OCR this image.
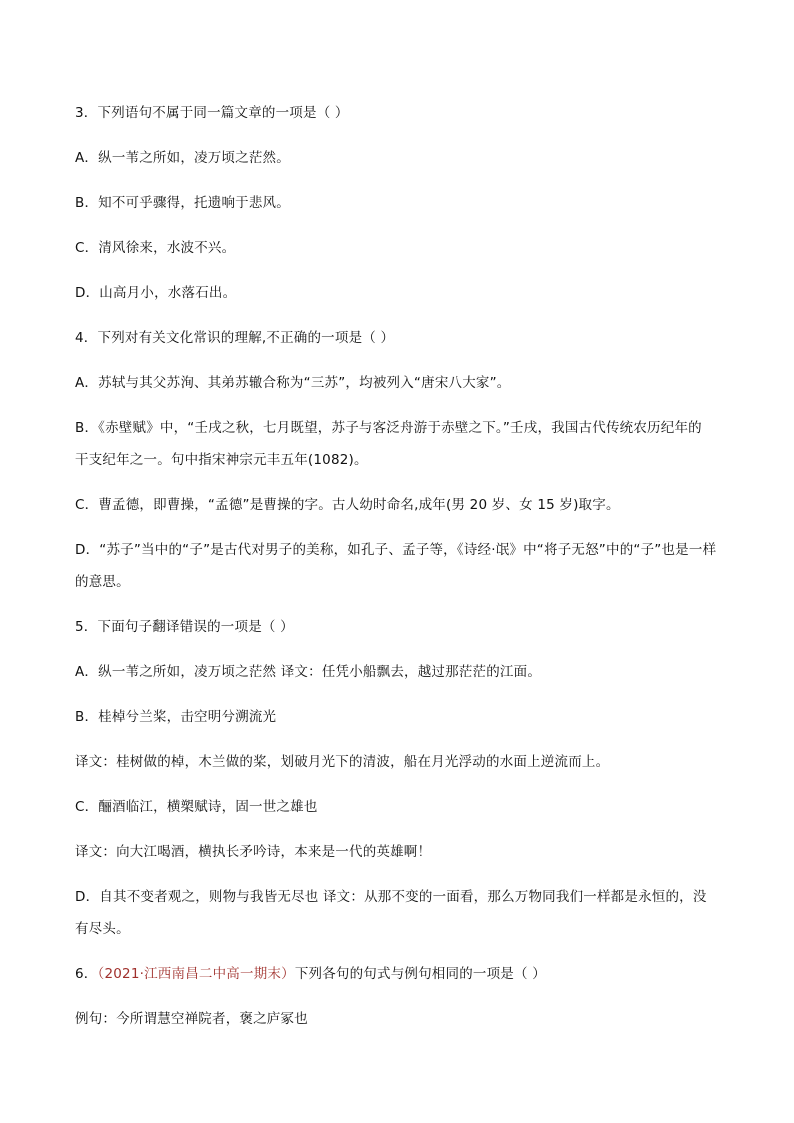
3．下列语句不属于同一篇文章的一项是（ ）
A．纵一苇之所如，凌万顷之茫然。
B．知不可乎骤得，托遗响于悲风。
C．清风徐来，水波不兴。
D．山高月小，水落石出。
4．下列对有关文化常识的理解,不正确的一项是（ ）
A．苏轼与其父苏洵、其弟苏辙合称为“三苏”，均被列入“唐宋八大家”。
B．《赤壁赋》中，“壬戌之秋，七月既望，苏子与客泛舟游于赤壁之下。”壬戌，我国古代传统农历纪年的
干支纪年之一。句中指宋神宗元丰五年(1082)。
C．曹孟德，即曹操，“孟德”是曹操的字。古人幼时命名,成年(男 20 岁、女 15 岁)取字。
D．“苏子”当中的“子”是古代对男子的美称，如孔子、孟子等，《诗经·氓》中“将子无怒”中的“子”也是一样
的意思。
5．下面句子翻译错误的一项是（ ）
A．纵一苇之所如，凌万顷之茫然 译文：任凭小船飘去，越过那茫茫的江面。
B．桂棹兮兰桨，击空明兮溯流光
译文：桂树做的棹，木兰做的桨，划破月光下的清波，船在月光浮动的水面上逆流而上。
C．酾酒临江，横槊赋诗，固一世之雄也
译文：向大江喝酒，横执长矛吟诗，本来是一代的英雄啊！
D．自其不变者观之，则物与我皆无尽也 译文：从那不变的一面看，那么万物同我们一样都是永恒的，没
有尽头。
6．（2021·江西南昌二中高一期末）下列各句的句式与例句相同的一项是（ ）
例句：今所谓慧空禅院者，褒之庐冢也
